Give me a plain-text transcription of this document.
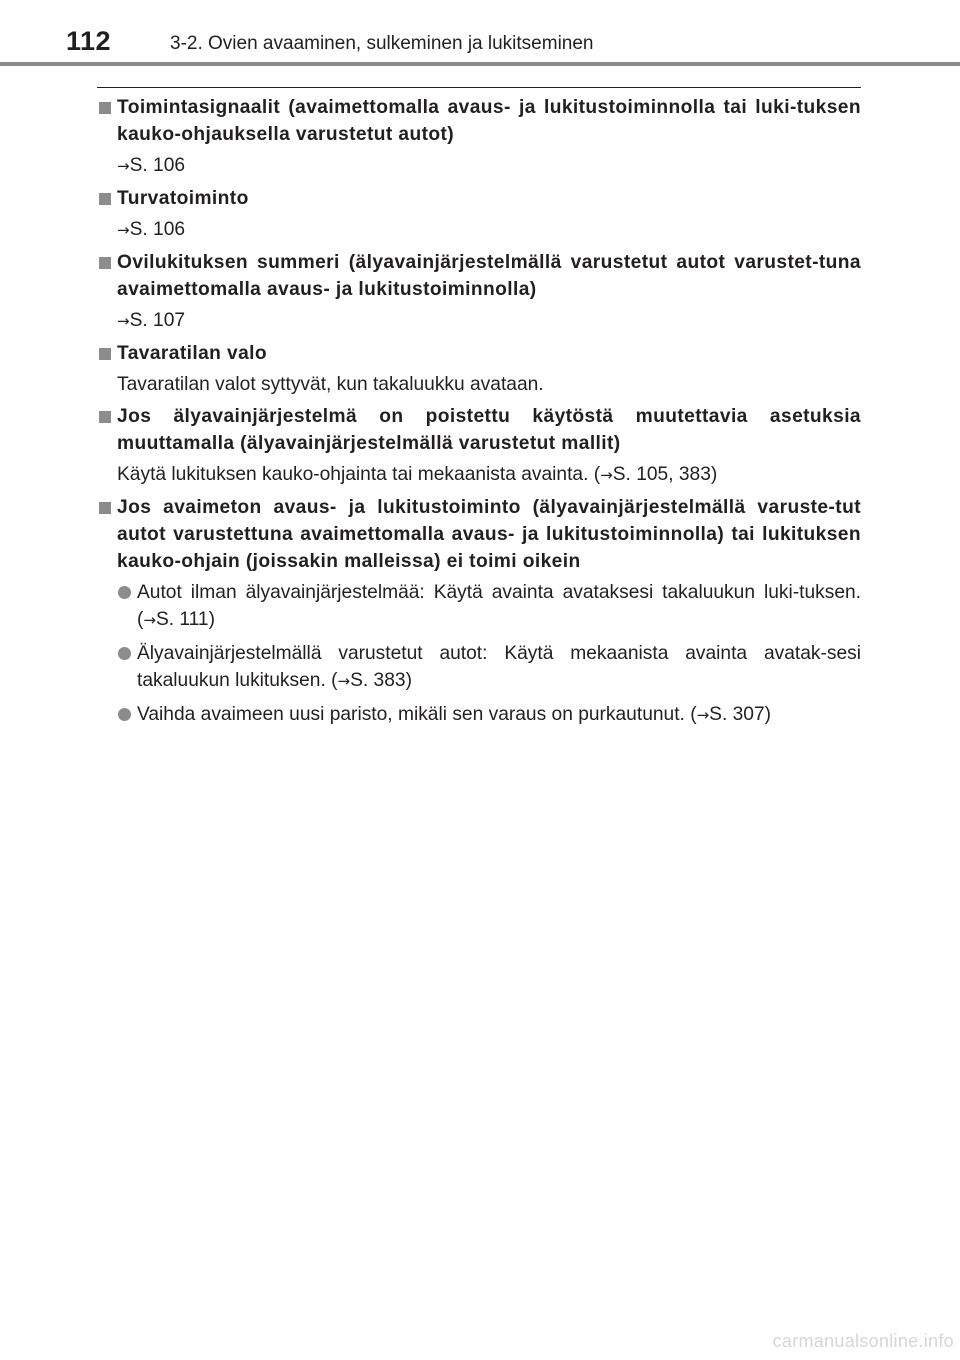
112	3-2. Ovien avaaminen, sulkeminen ja lukitseminen

Toimintasignaalit (avaimettomalla avaus- ja lukitustoiminnolla tai luki-tuksen kauko-ohjauksella varustetut autot)

→S. 106

Turvatoiminto

→S. 106

Ovilukituksen summeri (älyavainjärjestelmällä varustetut autot varustet-tuna avaimettomalla avaus- ja lukitustoiminnolla)

→S. 107

Tavaratilan valo

Tavaratilan valot syttyvät, kun takaluukku avataan.

Jos älyavainjärjestelmä on poistettu käytöstä muutettavia asetuksia muuttamalla (älyavainjärjestelmällä varustetut mallit)

Käytä lukituksen kauko-ohjainta tai mekaanista avainta. (→S. 105, 383)

Jos avaimeton avaus- ja lukitustoiminto (älyavainjärjestelmällä varuste-tut autot varustettuna avaimettomalla avaus- ja lukitustoiminnolla) tai lukituksen kauko-ohjain (joissakin malleissa) ei toimi oikein

Autot ilman älyavainjärjestelmää: Käytä avainta avataksesi takaluukun luki-tuksen. (→S. 111)

Älyavainjärjestelmällä varustetut autot: Käytä mekaanista avainta avatak-sesi takaluukun lukituksen. (→S. 383)

Vaihda avaimeen uusi paristo, mikäli sen varaus on purkautunut. (→S. 307)

carmanualsonline.info
